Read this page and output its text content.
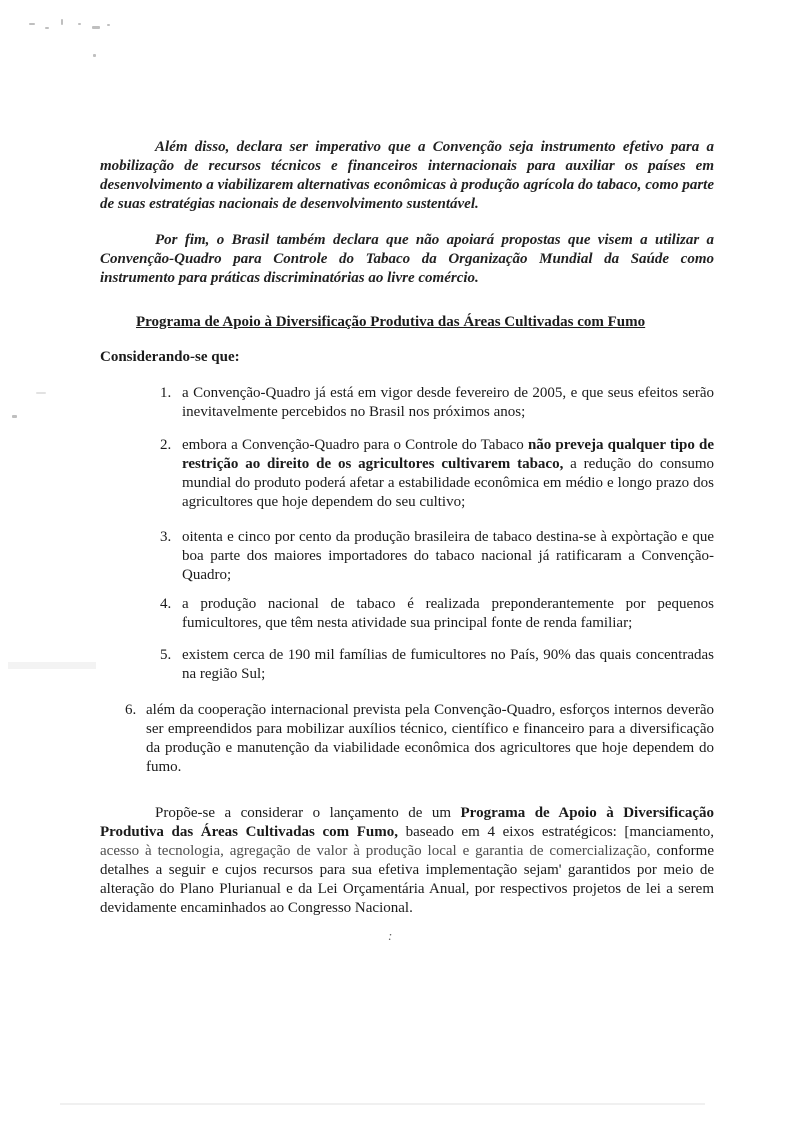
:

Além disso, declara ser imperativo que a Convenção seja instrumento efetivo para a mobilização de recursos técnicos e financeiros internacionais para auxiliar os países em desenvolvimento a viabilizarem alternativas econômicas à produção agrícola do tabaco, como parte de suas estratégias nacionais de desenvolvimento sustentável.

Por fim, o Brasil também declara que não apoiará propostas que visem a utilizar a Convenção-Quadro para Controle do Tabaco da Organização Mundial da Saúde como instrumento para práticas discriminatórias ao livre comércio.

Programa de Apoio à Diversificação Produtiva das Áreas Cultivadas com Fumo

Considerando-se que:

1. a Convenção-Quadro já está em vigor desde fevereiro de 2005, e que seus efeitos serão inevitavelmente percebidos no Brasil nos próximos anos;
2. embora a Convenção-Quadro para o Controle do Tabaco não preveja qualquer tipo de restrição ao direito de os agricultores cultivarem tabaco, a redução do consumo mundial do produto poderá afetar a estabilidade econômica em médio e longo prazo dos agricultores que hoje dependem do seu cultivo;
3. oitenta e cinco por cento da produção brasileira de tabaco destina-se à expòrtação e que boa parte dos maiores importadores do tabaco nacional já ratificaram a Convenção-Quadro;
4. a produção nacional de tabaco é realizada preponderantemente por pequenos fumicultores, que têm nesta atividade sua principal fonte de renda familiar;
5. existem cerca de 190 mil famílias de fumicultores no País, 90% das quais concentradas na região Sul;
6. além da cooperação internacional prevista pela Convenção-Quadro, esforços internos deverão ser empreendidos para mobilizar auxílios técnico, científico e financeiro para a diversificação da produção e manutenção da viabilidade econômica dos agricultores que hoje dependem do fumo.

Propõe-se a considerar o lançamento de um Programa de Apoio à Diversificação Produtiva das Áreas Cultivadas com Fumo, baseado em 4 eixos estratégicos: [manciamento, acesso à tecnologia, agregação de valor à produção local e garantia de comercialização, conforme detalhes a seguir e cujos recursos para sua efetiva implementação sejam' garantidos por meio de alteração do Plano Plurianual e da Lei Orçamentária Anual, por respectivos projetos de lei a serem devidamente encaminhados ao Congresso Nacional.
